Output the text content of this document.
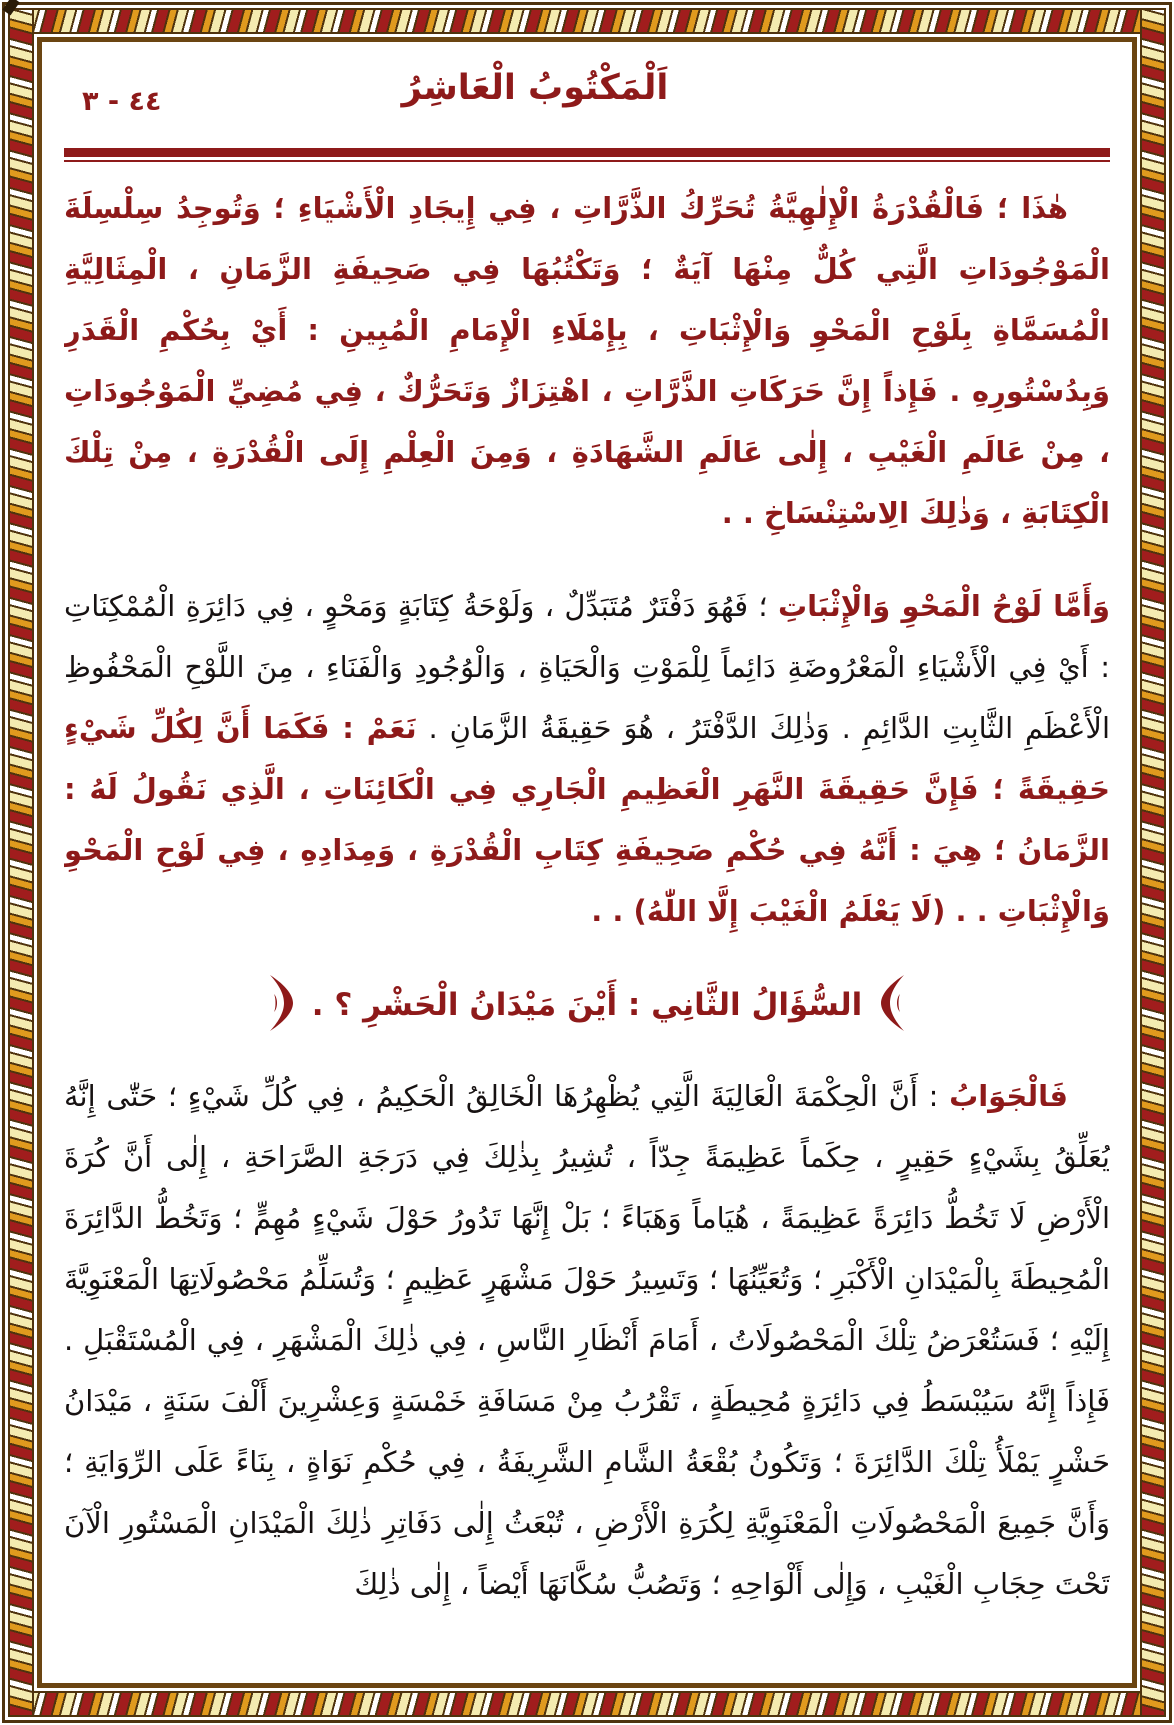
اَلْمَكْتُوبُ الْعَاشِرُ
٤٤ - ٣

هٰذَا ؛ فَالْقُدْرَةُ الْإِلٰهِيَّةُ تُحَرِّكُ الذَّرَّاتِ ، فِي إِيجَادِ الْأَشْيَاءِ ؛ وَتُوجِدُ سِلْسِلَةَ الْمَوْجُودَاتِ الَّتِي كُلٌّ مِنْهَا آيَةٌ ؛ وَتَكْتُبُهَا فِي صَحِيفَةِ الزَّمَانِ ، الْمِثَالِيَّةِ الْمُسَمَّاةِ بِلَوْحِ الْمَحْوِ وَالْإِثْبَاتِ ، بِإِمْلَاءِ الْإِمَامِ الْمُبِينِ : أَيْ بِحُكْمِ الْقَدَرِ وَبِدُسْتُورِهِ . فَإِذاً إِنَّ حَرَكَاتِ الذَّرَّاتِ ، اهْتِزَازٌ وَتَحَرُّكٌ ، فِي مُضِيِّ الْمَوْجُودَاتِ ، مِنْ عَالَمِ الْغَيْبِ ، إِلٰى عَالَمِ الشَّهَادَةِ ، وَمِنَ الْعِلْمِ إِلَى الْقُدْرَةِ ، مِنْ تِلْكَ الْكِتَابَةِ ، وَذٰلِكَ الِاسْتِنْسَاخِ . .

وَأَمَّا لَوْحُ الْمَحْوِ وَالْإِثْبَاتِ ؛ فَهُوَ دَفْتَرٌ مُتَبَدِّلٌ ، وَلَوْحَةُ كِتَابَةٍ وَمَحْوٍ ، فِي دَائِرَةِ الْمُمْكِنَاتِ : أَيْ فِي الْأَشْيَاءِ الْمَعْرُوضَةِ دَائِماً لِلْمَوْتِ وَالْحَيَاةِ ، وَالْوُجُودِ وَالْفَنَاءِ ، مِنَ اللَّوْحِ الْمَحْفُوظِ الْأَعْظَمِ الثَّابِتِ الدَّائِمِ . وَذٰلِكَ الدَّفْتَرُ ، هُوَ حَقِيقَةُ الزَّمَانِ . نَعَمْ : فَكَمَا أَنَّ لِكُلِّ شَيْءٍ حَقِيقَةً ؛ فَإِنَّ حَقِيقَةَ النَّهَرِ الْعَظِيمِ الْجَارِي فِي الْكَائِنَاتِ ، الَّذِي نَقُولُ لَهُ : الزَّمَانُ ؛ هِيَ : أَنَّهُ فِي حُكْمِ صَحِيفَةِ كِتَابِ الْقُدْرَةِ ، وَمِدَادِهِ ، فِي لَوْحِ الْمَحْوِ وَالْإِثْبَاتِ . . (لَا يَعْلَمُ الْغَيْبَ إِلَّا اللّٰهُ) . .

السُّؤَالُ الثَّانِي : أَيْنَ مَيْدَانُ الْحَشْرِ ؟ .

فَالْجَوَابُ : أَنَّ الْحِكْمَةَ الْعَالِيَةَ الَّتِي يُظْهِرُهَا الْخَالِقُ الْحَكِيمُ ، فِي كُلِّ شَيْءٍ ؛ حَتّٰى إِنَّهُ يُعَلِّقُ بِشَيْءٍ حَقِيرٍ ، حِكَماً عَظِيمَةً جِدّاً ، تُشِيرُ بِذٰلِكَ فِي دَرَجَةِ الصَّرَاحَةِ ، إِلٰى أَنَّ كُرَةَ الْأَرْضِ لَا تَخُطُّ دَائِرَةً عَظِيمَةً ، هُيَاماً وَهَبَاءً ؛ بَلْ إِنَّهَا تَدُورُ حَوْلَ شَيْءٍ مُهِمٍّ ؛ وَتَخُطُّ الدَّائِرَةَ الْمُحِيطَةَ بِالْمَيْدَانِ الْأَكْبَرِ ؛ وَتُعَيِّنُهَا ؛ وَتَسِيرُ حَوْلَ مَشْهَرٍ عَظِيمٍ ؛ وَتُسَلِّمُ مَحْصُولَاتِهَا الْمَعْنَوِيَّةَ إِلَيْهِ ؛ فَسَتُعْرَضُ تِلْكَ الْمَحْصُولَاتُ ، أَمَامَ أَنْظَارِ النَّاسِ ، فِي ذٰلِكَ الْمَشْهَرِ ، فِي الْمُسْتَقْبَلِ . فَإِذاً إِنَّهُ سَيُبْسَطُ فِي دَائِرَةٍ مُحِيطَةٍ ، تَقْرُبُ مِنْ مَسَافَةِ خَمْسَةٍ وَعِشْرِينَ أَلْفَ سَنَةٍ ، مَيْدَانُ حَشْرٍ يَمْلَأُ تِلْكَ الدَّائِرَةَ ؛ وَتَكُونُ بُقْعَةُ الشَّامِ الشَّرِيفَةُ ، فِي حُكْمِ نَوَاةٍ ، بِنَاءً عَلَى الرِّوَايَةِ ؛ وَأَنَّ جَمِيعَ الْمَحْصُولَاتِ الْمَعْنَوِيَّةِ لِكُرَةِ الْأَرْضِ ، تُبْعَثُ إِلٰى دَفَاتِرِ ذٰلِكَ الْمَيْدَانِ الْمَسْتُورِ الْآنَ تَحْتَ حِجَابِ الْغَيْبِ ، وَإِلٰى أَلْوَاحِهِ ؛ وَتَصُبُّ سُكَّانَهَا أَيْضاً ، إِلٰى ذٰلِكَ
